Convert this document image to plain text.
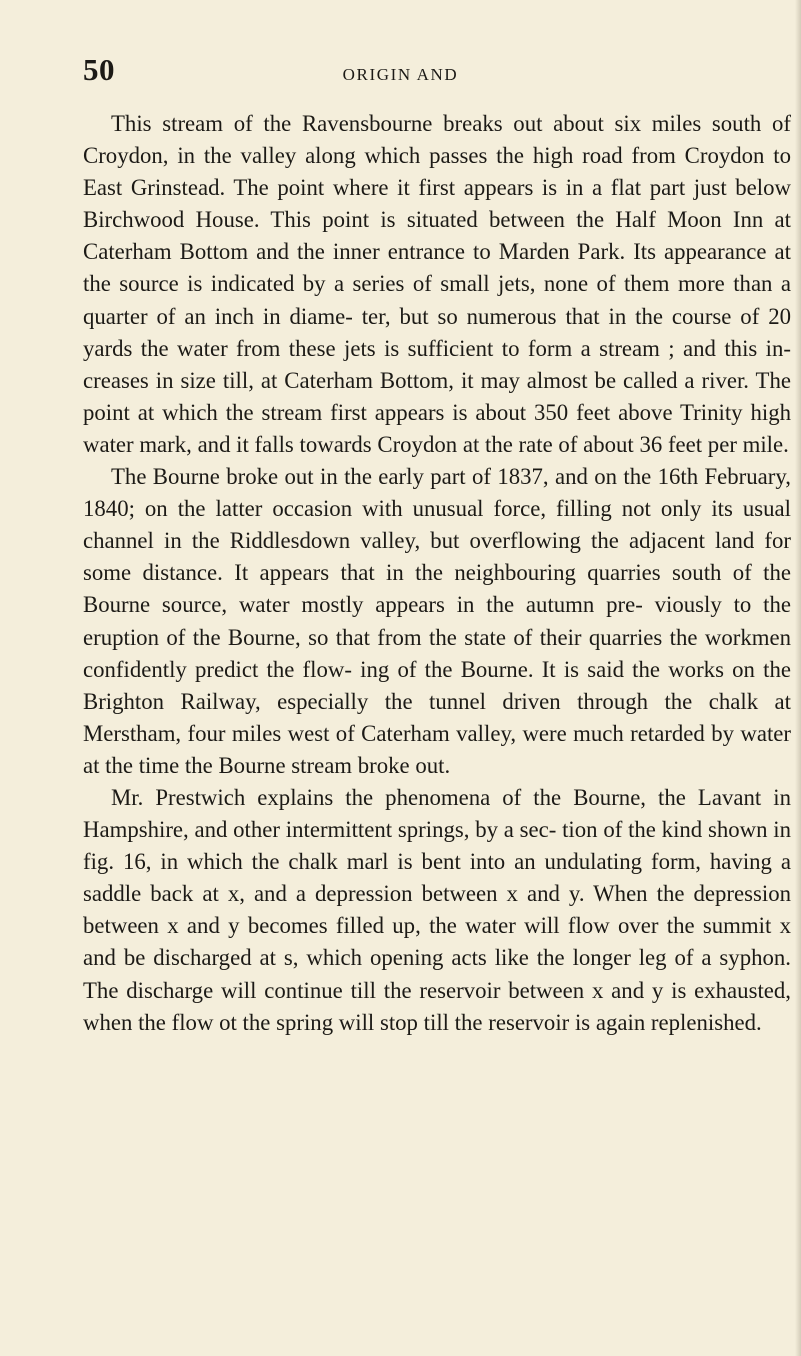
50	ORIGIN AND

This stream of the Ravensbourne breaks out about six miles south of Croydon, in the valley along which passes the high road from Croydon to East Grinstead. The point where it first appears is in a flat part just below Birchwood House. This point is situated between the Half Moon Inn at Caterham Bottom and the inner entrance to Marden Park. Its appearance at the source is indicated by a series of small jets, none of them more than a quarter of an inch in diame- ter, but so numerous that in the course of 20 yards the water from these jets is sufficient to form a stream ; and this in- creases in size till, at Caterham Bottom, it may almost be called a river. The point at which the stream first appears is about 350 feet above Trinity high water mark, and it falls towards Croydon at the rate of about 36 feet per mile.

The Bourne broke out in the early part of 1837, and on the 16th February, 1840; on the latter occasion with unusual force, filling not only its usual channel in the Riddlesdown valley, but overflowing the adjacent land for some distance. It appears that in the neighbouring quarries south of the Bourne source, water mostly appears in the autumn pre- viously to the eruption of the Bourne, so that from the state of their quarries the workmen confidently predict the flow- ing of the Bourne. It is said the works on the Brighton Railway, especially the tunnel driven through the chalk at Merstham, four miles west of Caterham valley, were much retarded by water at the time the Bourne stream broke out.

Mr. Prestwich explains the phenomena of the Bourne, the Lavant in Hampshire, and other intermittent springs, by a sec- tion of the kind shown in fig. 16, in which the chalk marl is bent into an undulating form, having a saddle back at x, and a depression between x and y. When the depression between x and y becomes filled up, the water will flow over the summit x and be discharged at s, which opening acts like the longer leg of a syphon. The discharge will continue till the reservoir between x and y is exhausted, when the flow ot the spring will stop till the reservoir is again replenished.
